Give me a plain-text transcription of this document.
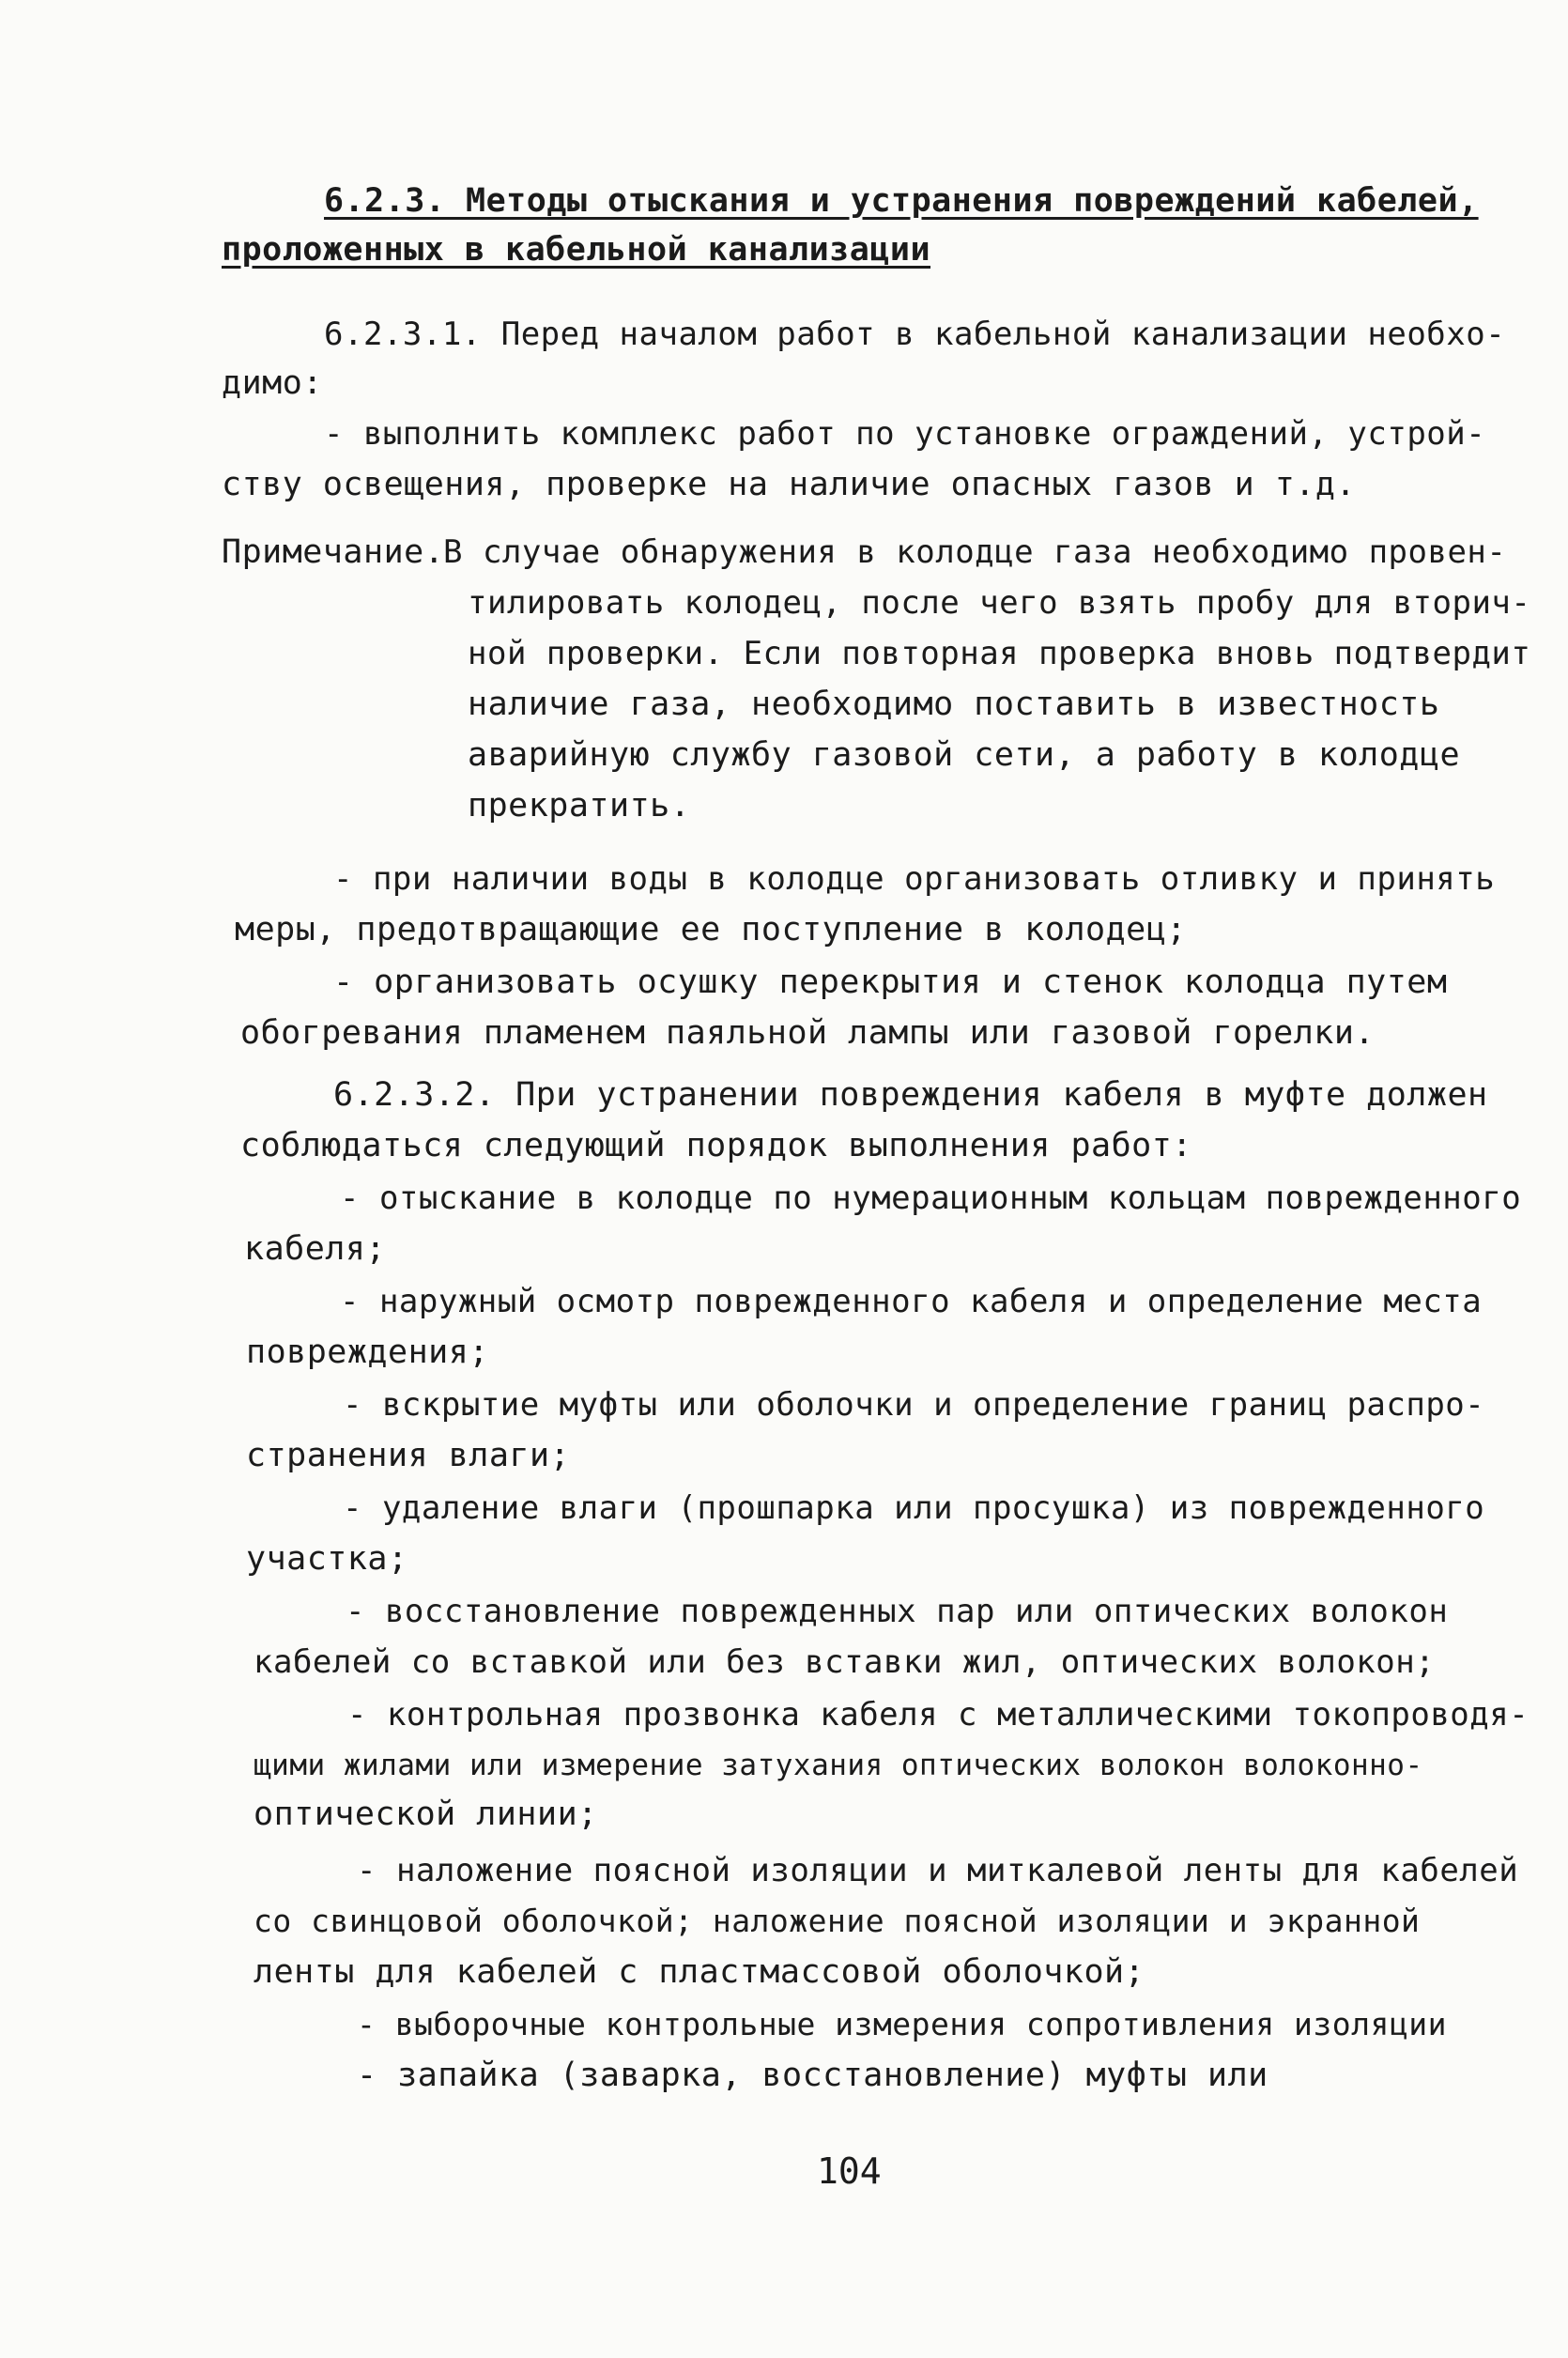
6.2.3. Методы отыскания и устранения повреждений кабелей,
проложенных в кабельной канализации
6.2.3.1. Перед началом работ в кабельной канализации необхо-
димо:
- выполнить комплекс работ по установке ограждений, устрой-
ству освещения, проверке на наличие опасных газов и т.д.
Примечание.
В случае обнаружения в колодце газа необходимо провен-
тилировать колодец, после чего взять пробу для вторич-
ной проверки. Если повторная проверка вновь подтвердит
наличие газа, необходимо поставить в известность
аварийную службу газовой сети, а работу в колодце
прекратить.
- при наличии воды в колодце организовать отливку и принять
меры, предотвращающие ее поступление в колодец;
- организовать осушку перекрытия и стенок колодца путем
обогревания пламенем паяльной лампы или газовой горелки.
6.2.3.2. При устранении повреждения кабеля в муфте должен
соблюдаться следующий порядок выполнения работ:
- отыскание в колодце по нумерационным кольцам поврежденного
кабеля;
- наружный осмотр поврежденного кабеля и определение места
повреждения;
- вскрытие муфты или оболочки и определение границ распро-
странения влаги;
- удаление влаги (прошпарка или просушка) из поврежденного
участка;
- восстановление поврежденных пар или оптических волокон
кабелей со вставкой или без вставки жил, оптических волокон;
- контрольная прозвонка кабеля с металлическими токопроводя-
щими жилами или измерение затухания оптических волокон волоконно-
оптической линии;
- наложение поясной изоляции и миткалевой ленты для кабелей
со свинцовой оболочкой; наложение поясной изоляции и экранной
ленты для кабелей с пластмассовой оболочкой;
- выборочные контрольные измерения сопротивления изоляции
- запайка (заварка, восстановление) муфты или
104
